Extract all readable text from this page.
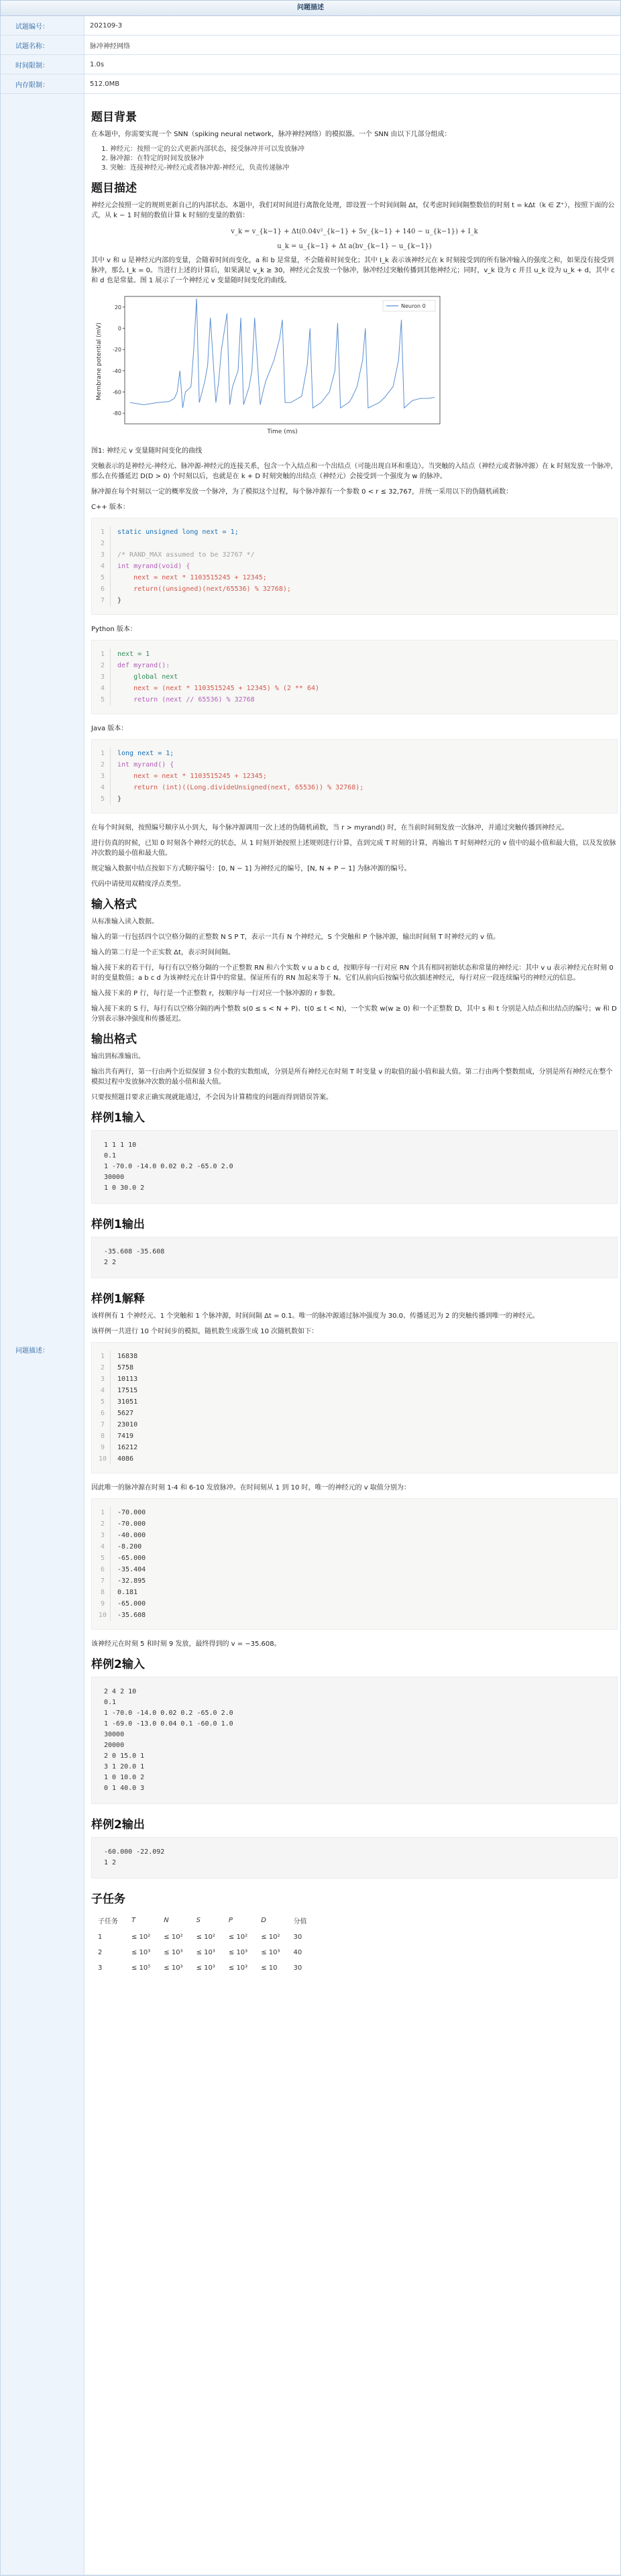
问题描述
试题编号：	202109-3
试题名称：	脉冲神经网络
时间限制：	1.0s
内存限制：	512.0MB
问题描述：
题目背景

在本题中，你需要实现一个 SNN（spiking neural network，脉冲神经网络）的模拟器。一个 SNN 由以下几部分组成：

1. 神经元：按照一定的公式更新内部状态，接受脉冲并可以发放脉冲
2. 脉冲源：在特定的时间发放脉冲
3. 突触：连接神经元-神经元或者脉冲源-神经元，负责传递脉冲
题目描述

神经元会按照一定的规则更新自己的内部状态。本题中，我们对时间进行离散化处理，即设置一个时间间隔 Δt，仅考虑时间间隔整数倍的时刻 t = kΔt（k ∈ Z⁺），按照下面的公式，从 k − 1 时刻的数值计算 k 时刻的变量的数值：

v_k = v_{k−1} + Δt(0.04v²_{k−1} + 5v_{k−1} + 140 − u_{k−1}) + I_k
u_k = u_{k−1} + Δt a(bv_{k−1} − u_{k−1})

其中 v 和 u 是神经元内部的变量，会随着时间而变化，a 和 b 是常量，不会随着时间变化；其中 I_k 表示该神经元在 k 时刻接受到的所有脉冲输入的强度之和，如果没有接受到脉冲，那么 I_k = 0。当进行上述的计算后，如果满足 v_k ≥ 30，神经元会发放一个脉冲，脉冲经过突触传播到其他神经元；同时，v_k 设为 c 并且 u_k 设为 u_k + d，其中 c 和 d 也是常量。图 1 展示了一个神经元 v 变量随时间变化的曲线。

20
0
-20
-40
-60
-80
Membrane potential (mV)
Time (ms)
Neuron 0

图1: 神经元 v 变量随时间变化的曲线

突触表示的是神经元-神经元、脉冲源-神经元的连接关系，包含一个入结点和一个出结点（可能出现自环和重边）。当突触的入结点（神经元或者脉冲源）在 k 时刻发放一个脉冲，那么在传播延迟 D(D > 0) 个时刻以后，也就是在 k + D 时刻突触的出结点（神经元）会接受到一个强度为 w 的脉冲。

脉冲源在每个时刻以一定的概率发放一个脉冲，为了模拟这个过程，每个脉冲源有一个参数 0 < r ≤ 32,767，并统一采用以下的伪随机函数：

C++ 版本：

1
2
3
4
5
6
7
static unsigned long next = 1;

/* RAND_MAX assumed to be 32767 */
int myrand(void) {
next = next * 1103515245 + 12345;
return((unsigned)(next/65536) % 32768);
}

Python 版本：

1
2
3
4
5
next = 1
def myrand():
global next
next = (next * 1103515245 + 12345) % (2 ** 64)
return (next // 65536) % 32768

Java 版本：

1
2
3
4
5
long next = 1;
int myrand() {
next = next * 1103515245 + 12345;
return (int)((Long.divideUnsigned(next, 65536)) % 32768);
}

在每个时间刻，按照编号顺序从小到大，每个脉冲源调用一次上述的伪随机函数，当 r > myrand() 时，在当前时间刻发放一次脉冲，并通过突触传播到神经元。

进行仿真的时候，已知 0 时刻各个神经元的状态，从 1 时刻开始按照上述规则进行计算，直到完成 T 时刻的计算，再输出 T 时刻神经元的 v 值中的最小值和最大值，以及发放脉冲次数的最小值和最大值。

规定输入数据中结点按如下方式顺序编号：[0, N − 1] 为神经元的编号，[N, N + P − 1] 为脉冲源的编号。

代码中请使用双精度浮点类型。

输入格式

从标准输入读入数据。

输入的第一行包括四个以空格分隔的正整数 N S P T，表示一共有 N 个神经元，S 个突触和 P 个脉冲源，输出时间刻 T 时神经元的 v 值。

输入的第二行是一个正实数 Δt，表示时间间隔。

输入接下来的若干行，每行有以空格分隔的一个正整数 RN 和六个实数 v u a b c d，按顺序每一行对应 RN 个具有相同初始状态和常量的神经元：其中 v u 表示神经元在时刻 0 时的变量数值；a b c d 为该神经元在计算中的常量。保证所有的 RN 加起来等于 N。它们从前向后按编号依次描述神经元，每行对应一段连续编号的神经元的信息。

输入接下来的 P 行，每行是一个正整数 r，按顺序每一行对应一个脉冲源的 r 参数。

输入接下来的 S 行，每行有以空格分隔的两个整数 s(0 ≤ s < N + P)、t(0 ≤ t < N)，一个实数 w(w ≥ 0) 和一个正整数 D，其中 s 和 t 分别是入结点和出结点的编号；w 和 D 分别表示脉冲强度和传播延迟。

输出格式

输出到标准输出。

输出共有两行，第一行由两个近似保留 3 位小数的实数组成，分别是所有神经元在时刻 T 时变量 v 的取值的最小值和最大值。第二行由两个整数组成，分别是所有神经元在整个模拟过程中发放脉冲次数的最小值和最大值。

只要按照题目要求正确实现就能通过，不会因为计算精度的问题而得到错误答案。

样例1输入
1 1 1 10
0.1
1 -70.0 -14.0 0.02 0.2 -65.0 2.0
30000
1 0 30.0 2
样例1输出
-35.608 -35.608
2 2
样例1解释

该样例有 1 个神经元、1 个突触和 1 个脉冲源，时间间隔 Δt = 0.1。唯一的脉冲源通过脉冲强度为 30.0、传播延迟为 2 的突触传播到唯一的神经元。

该样例一共进行 10 个时间步的模拟，随机数生成器生成 10 次随机数如下：

1
2
3
4
5
6
7
8
9
10
16838
5758
10113
17515
31051
5627
23010
7419
16212
4086

因此唯一的脉冲源在时刻 1-4 和 6-10 发放脉冲。在时间刻从 1 到 10 时，唯一的神经元的 v 取值分别为：

1
2
3
4
5
6
7
8
9
10
-70.000
-70.000
-40.000
-8.200
-65.000
-35.404
-32.895
0.181
-65.000
-35.608

该神经元在时刻 5 和时刻 9 发放，最终得到的 v = −35.608。

样例2输入
2 4 2 10
0.1
1 -70.0 -14.0 0.02 0.2 -65.0 2.0
1 -69.0 -13.0 0.04 0.1 -60.0 1.0
30000
20000
2 0 15.0 1
3 1 20.0 1
1 0 10.0 2
0 1 40.0 3
样例2输出
-60.000 -22.092
1 2
子任务
子任务	T	N	S	P	D	分值
1	≤ 10²	≤ 10²	≤ 10²	≤ 10²	≤ 10²	30
2	≤ 10³	≤ 10³	≤ 10³	≤ 10³	≤ 10³	40
3	≤ 10⁵	≤ 10³	≤ 10³	≤ 10³	≤ 10	30
